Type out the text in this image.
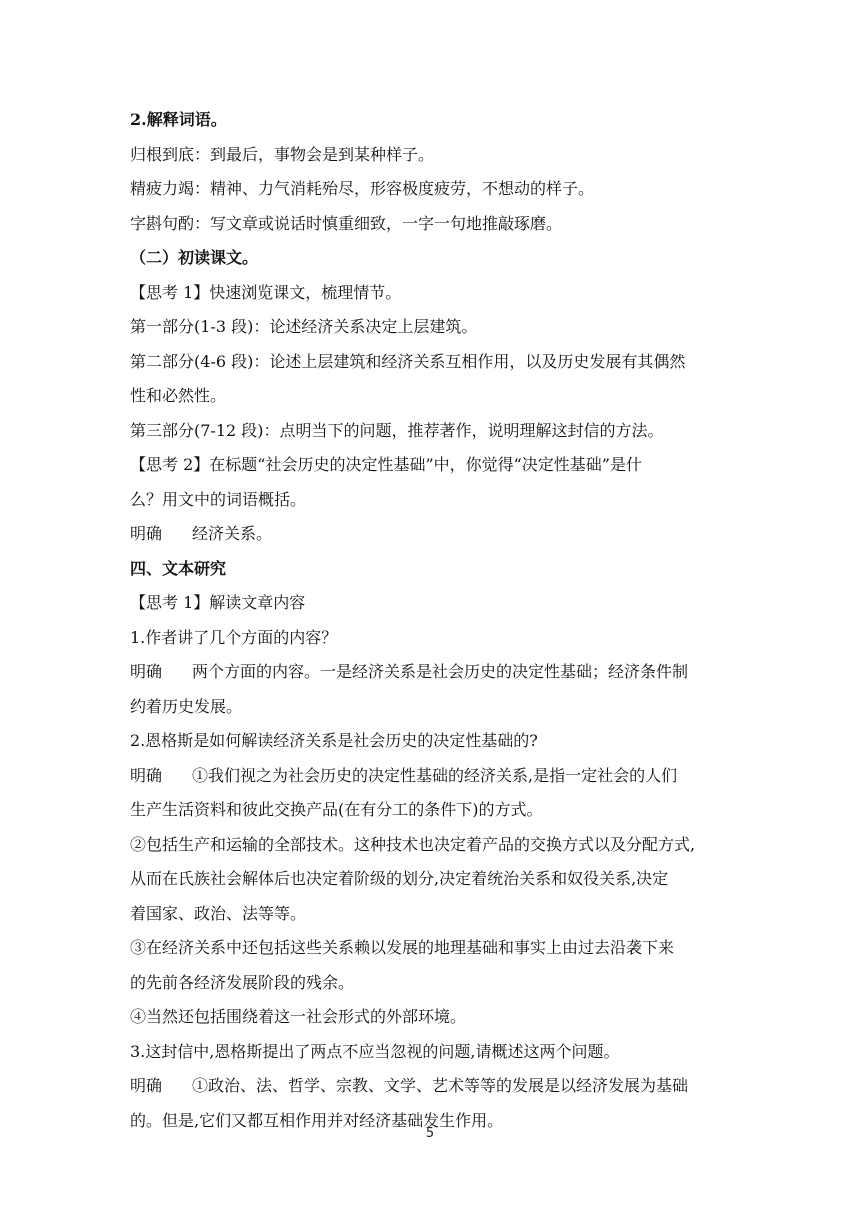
2.解释词语。
归根到底：到最后，事物会是到某种样子。
精疲力竭：精神、力气消耗殆尽，形容极度疲劳，不想动的样子。
字斟句酌：写文章或说话时慎重细致，一字一句地推敲琢磨。
（二）初读课文。
【思考 1】快速浏览课文，梳理情节。
第一部分(1-3 段)：论述经济关系决定上层建筑。
第二部分(4-6 段)：论述上层建筑和经济关系互相作用，以及历史发展有其偶然
性和必然性。
第三部分(7-12 段)：点明当下的问题，推荐著作，说明理解这封信的方法。
【思考 2】在标题“社会历史的决定性基础”中，你觉得“决定性基础”是什
么？用文中的词语概括。
明确 经济关系。
四、文本研究
【思考 1】解读文章内容
1.作者讲了几个方面的内容？
明确 两个方面的内容。一是经济关系是社会历史的决定性基础；经济条件制
约着历史发展。
2.恩格斯是如何解读经济关系是社会历史的决定性基础的?
明确 ①我们视之为社会历史的决定性基础的经济关系,是指一定社会的人们
生产生活资料和彼此交换产品(在有分工的条件下)的方式。
②包括生产和运输的全部技术。这种技术也决定着产品的交换方式以及分配方式,
从而在氏族社会解体后也决定着阶级的划分,决定着统治关系和奴役关系,决定
着国家、政治、法等等。
③在经济关系中还包括这些关系赖以发展的地理基础和事实上由过去沿袭下来
的先前各经济发展阶段的残余。
④当然还包括围绕着这一社会形式的外部环境。
3.这封信中,恩格斯提出了两点不应当忽视的问题,请概述这两个问题。
明确 ①政治、法、哲学、宗教、文学、艺术等等的发展是以经济发展为基础
的。但是,它们又都互相作用并对经济基础发生作用。
5
